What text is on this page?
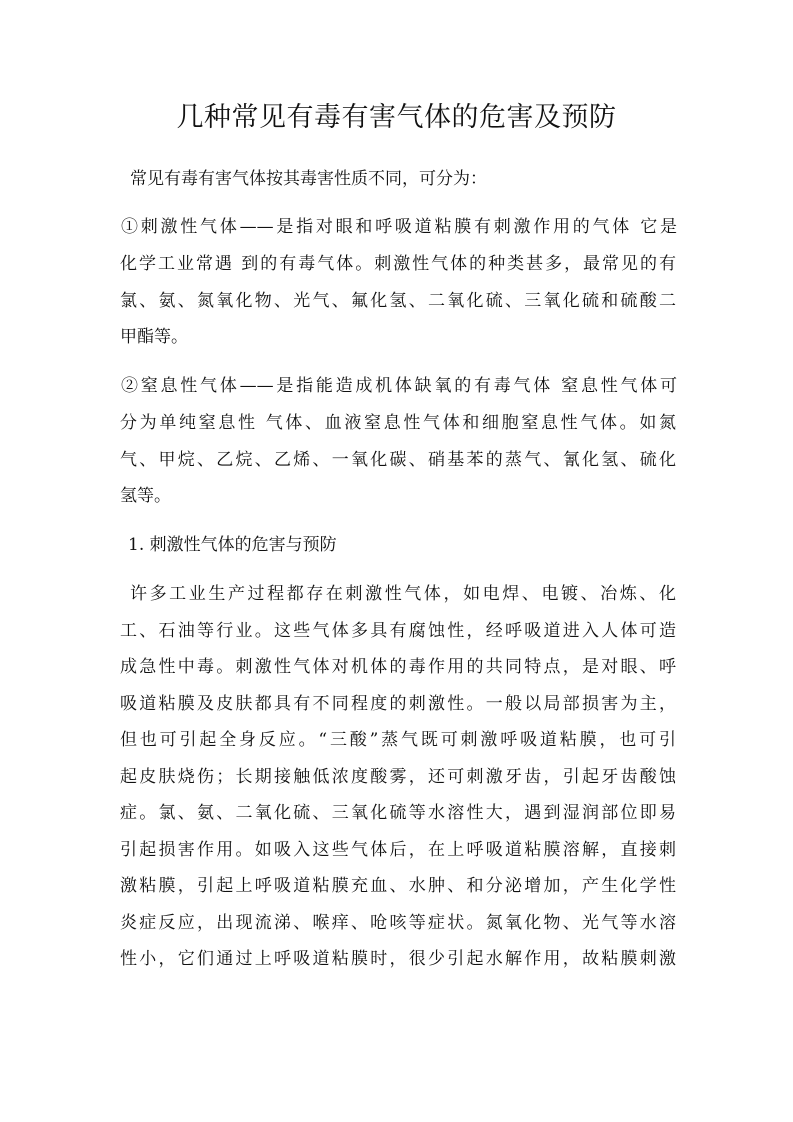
几种常见有毒有害气体的危害及预防
常见有毒有害气体按其毒害性质不同，可分为：
①刺激性气体——是指对眼和呼吸道粘膜有刺激作用的气体 它是
化学工业常遇 到的有毒气体。刺激性气体的种类甚多，最常见的有
氯、氨、氮氧化物、光气、氟化氢、二氧化硫、三氧化硫和硫酸二
甲酯等。
②窒息性气体——是指能造成机体缺氧的有毒气体 窒息性气体可
分为单纯窒息性 气体、血液窒息性气体和细胞窒息性气体。如氮
气、甲烷、乙烷、乙烯、一氧化碳、硝基苯的蒸气、氰化氢、硫化
氢等。
1. 刺激性气体的危害与预防
许多工业生产过程都存在刺激性气体，如电焊、电镀、冶炼、化
工、石油等行业。这些气体多具有腐蚀性，经呼吸道进入人体可造
成急性中毒。刺激性气体对机体的毒作用的共同特点，是对眼、呼
吸道粘膜及皮肤都具有不同程度的刺激性。一般以局部损害为主，
但也可引起全身反应。“三酸”蒸气既可刺激呼吸道粘膜，也可引
起皮肤烧伤；长期接触低浓度酸雾，还可刺激牙齿，引起牙齿酸蚀
症。氯、氨、二氧化硫、三氧化硫等水溶性大，遇到湿润部位即易
引起损害作用。如吸入这些气体后，在上呼吸道粘膜溶解，直接刺
激粘膜，引起上呼吸道粘膜充血、水肿、和分泌增加，产生化学性
炎症反应，出现流涕、喉痒、呛咳等症状。氮氧化物、光气等水溶
性小，它们通过上呼吸道粘膜时，很少引起水解作用，故粘膜刺激
